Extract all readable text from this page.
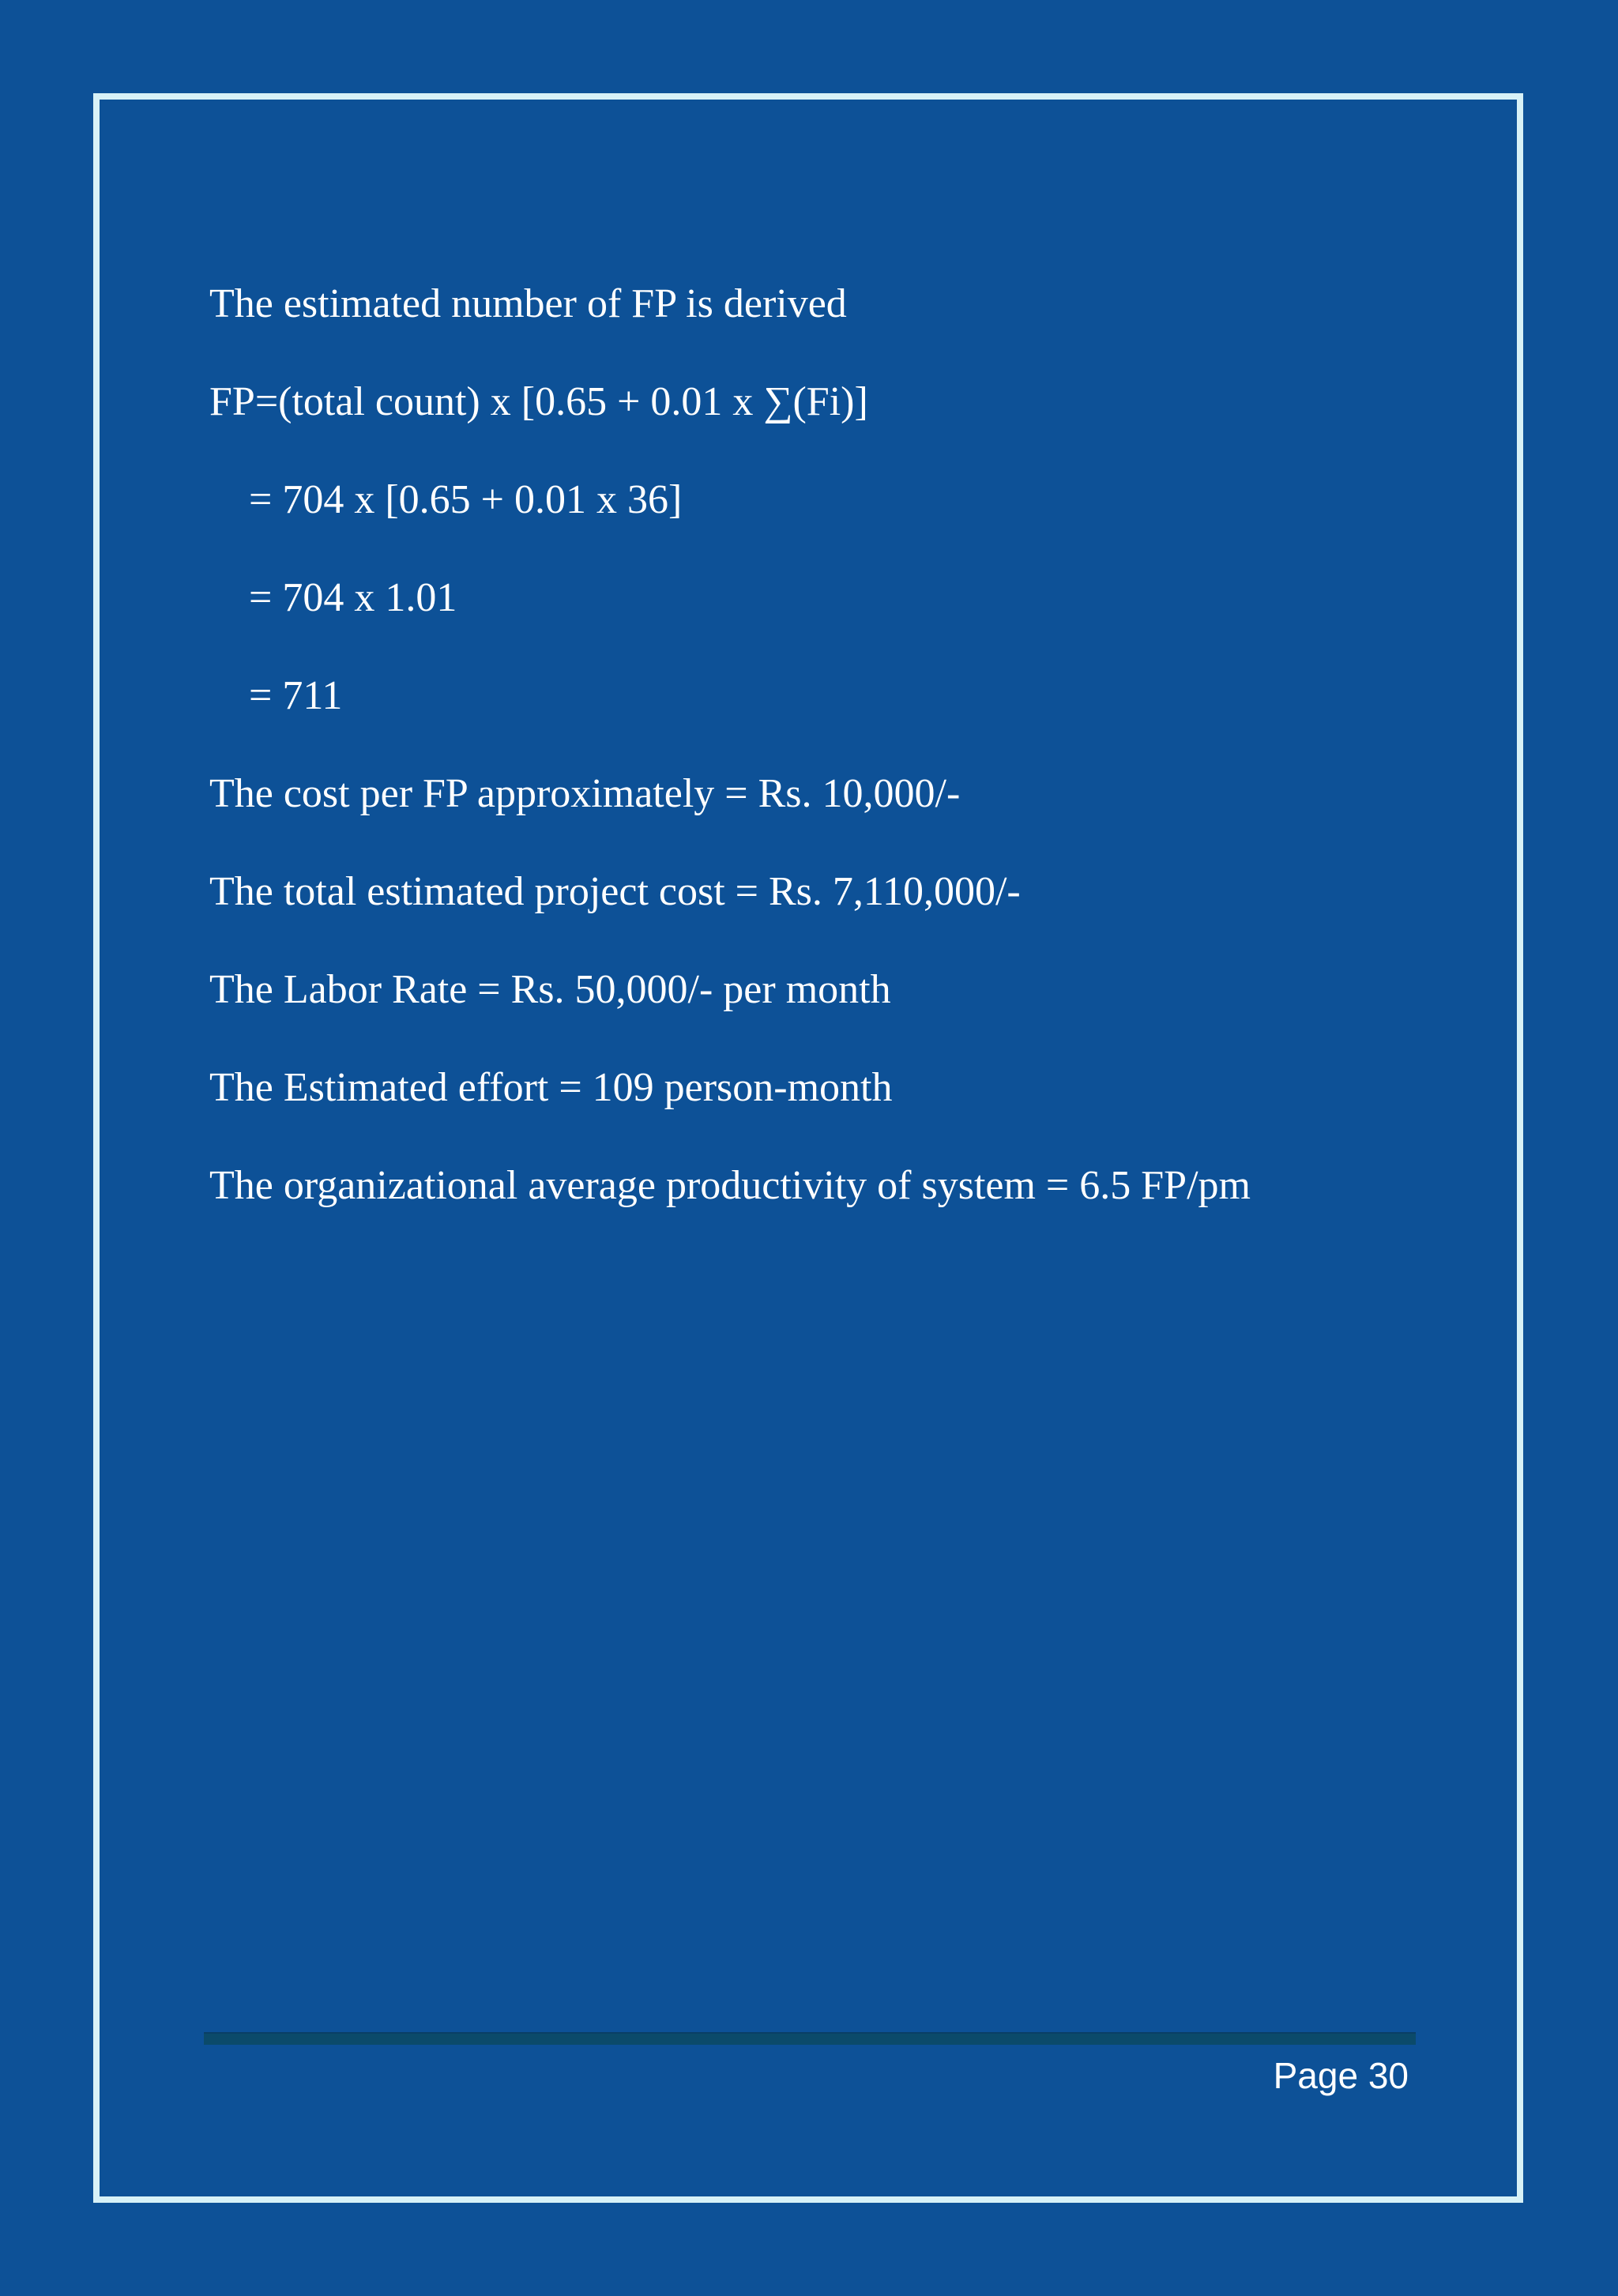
The estimated number of FP is derived
FP=(total count) x [0.65 + 0.01 x ∑(Fi)]
= 704 x [0.65 + 0.01 x 36]
= 704 x 1.01
= 711
The cost per FP approximately = Rs. 10,000/-
The total estimated project cost = Rs. 7,110,000/-
The Labor Rate = Rs. 50,000/- per month
The Estimated effort = 109 person-month
The organizational average productivity of system = 6.5 FP/pm
Page 30
